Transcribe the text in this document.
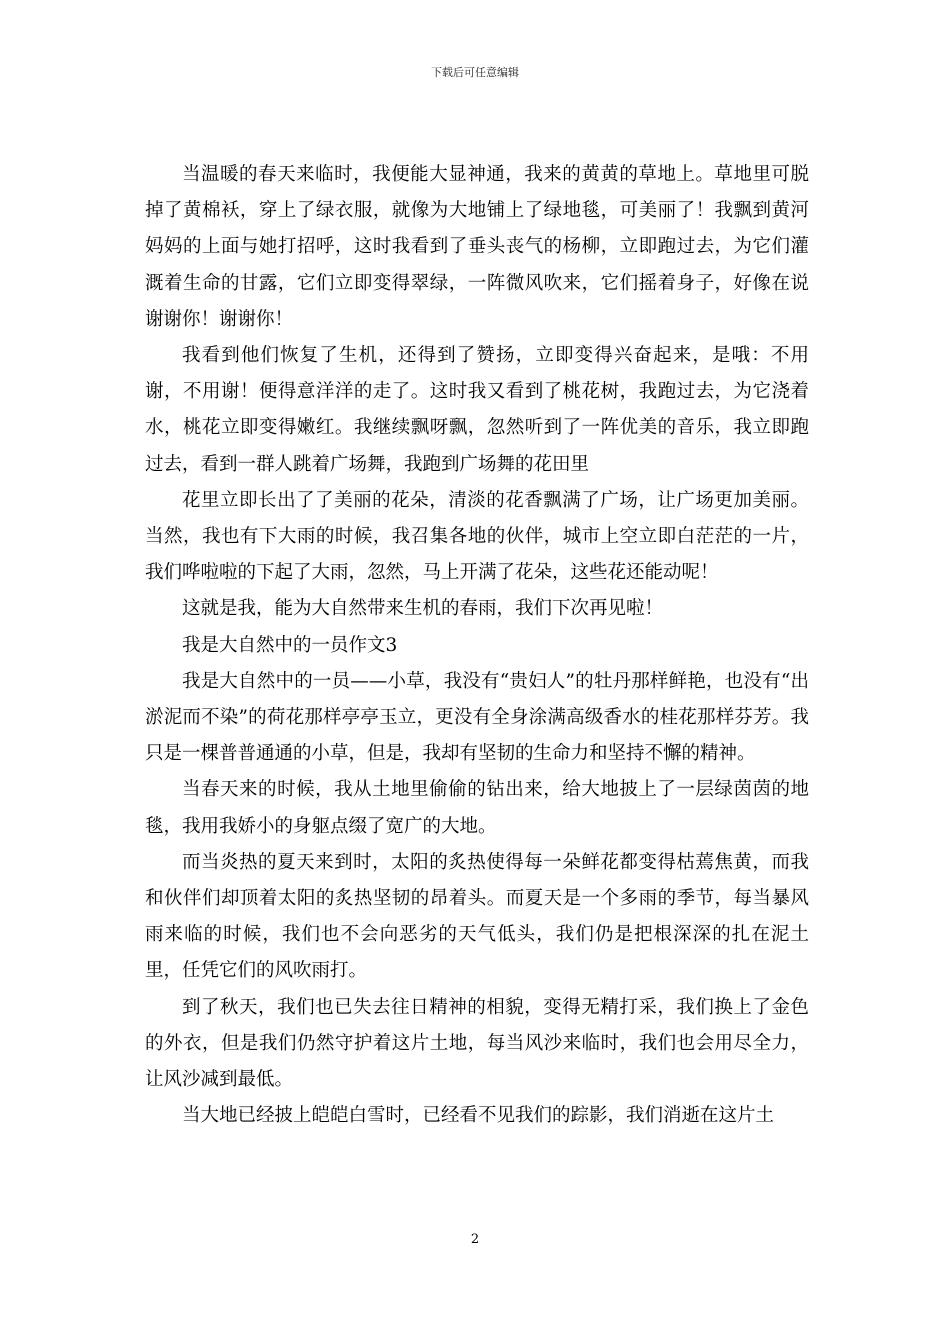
下载后可任意编辑

当温暖的春天来临时，我便能大显神通，我来的黄黄的草地上。草地里可脱掉了黄棉袄，穿上了绿衣服，就像为大地铺上了绿地毯，可美丽了！我飘到黄河妈妈的上面与她打招呼，这时我看到了垂头丧气的杨柳，立即跑过去，为它们灌溉着生命的甘露，它们立即变得翠绿，一阵微风吹来，它们摇着身子，好像在说谢谢你！谢谢你！

我看到他们恢复了生机，还得到了赞扬，立即变得兴奋起来，是哦：不用谢，不用谢！便得意洋洋的走了。这时我又看到了桃花树，我跑过去，为它浇着水，桃花立即变得嫩红。我继续飘呀飘，忽然听到了一阵优美的音乐，我立即跑过去，看到一群人跳着广场舞，我跑到广场舞的花田里

花里立即长出了了美丽的花朵，清淡的花香飘满了广场，让广场更加美丽。当然，我也有下大雨的时候，我召集各地的伙伴，城市上空立即白茫茫的一片，我们哗啦啦的下起了大雨，忽然，马上开满了花朵，这些花还能动呢！

这就是我，能为大自然带来生机的春雨，我们下次再见啦！

我是大自然中的一员作文3

我是大自然中的一员——小草，我没有“贵妇人”的牡丹那样鲜艳，也没有“出淤泥而不染”的荷花那样亭亭玉立，更没有全身涂满高级香水的桂花那样芬芳。我只是一棵普普通通的小草，但是，我却有坚韧的生命力和坚持不懈的精神。

当春天来的时候，我从土地里偷偷的钻出来，给大地披上了一层绿茵茵的地毯，我用我娇小的身躯点缀了宽广的大地。

而当炎热的夏天来到时，太阳的炙热使得每一朵鲜花都变得枯蔫焦黄，而我和伙伴们却顶着太阳的炙热坚韧的昂着头。而夏天是一个多雨的季节，每当暴风雨来临的时候，我们也不会向恶劣的天气低头，我们仍是把根深深的扎在泥土里，任凭它们的风吹雨打。

到了秋天，我们也已失去往日精神的相貌，变得无精打采，我们换上了金色的外衣，但是我们仍然守护着这片土地，每当风沙来临时，我们也会用尽全力，让风沙减到最低。

当大地已经披上皑皑白雪时，已经看不见我们的踪影，我们消逝在这片土

2
